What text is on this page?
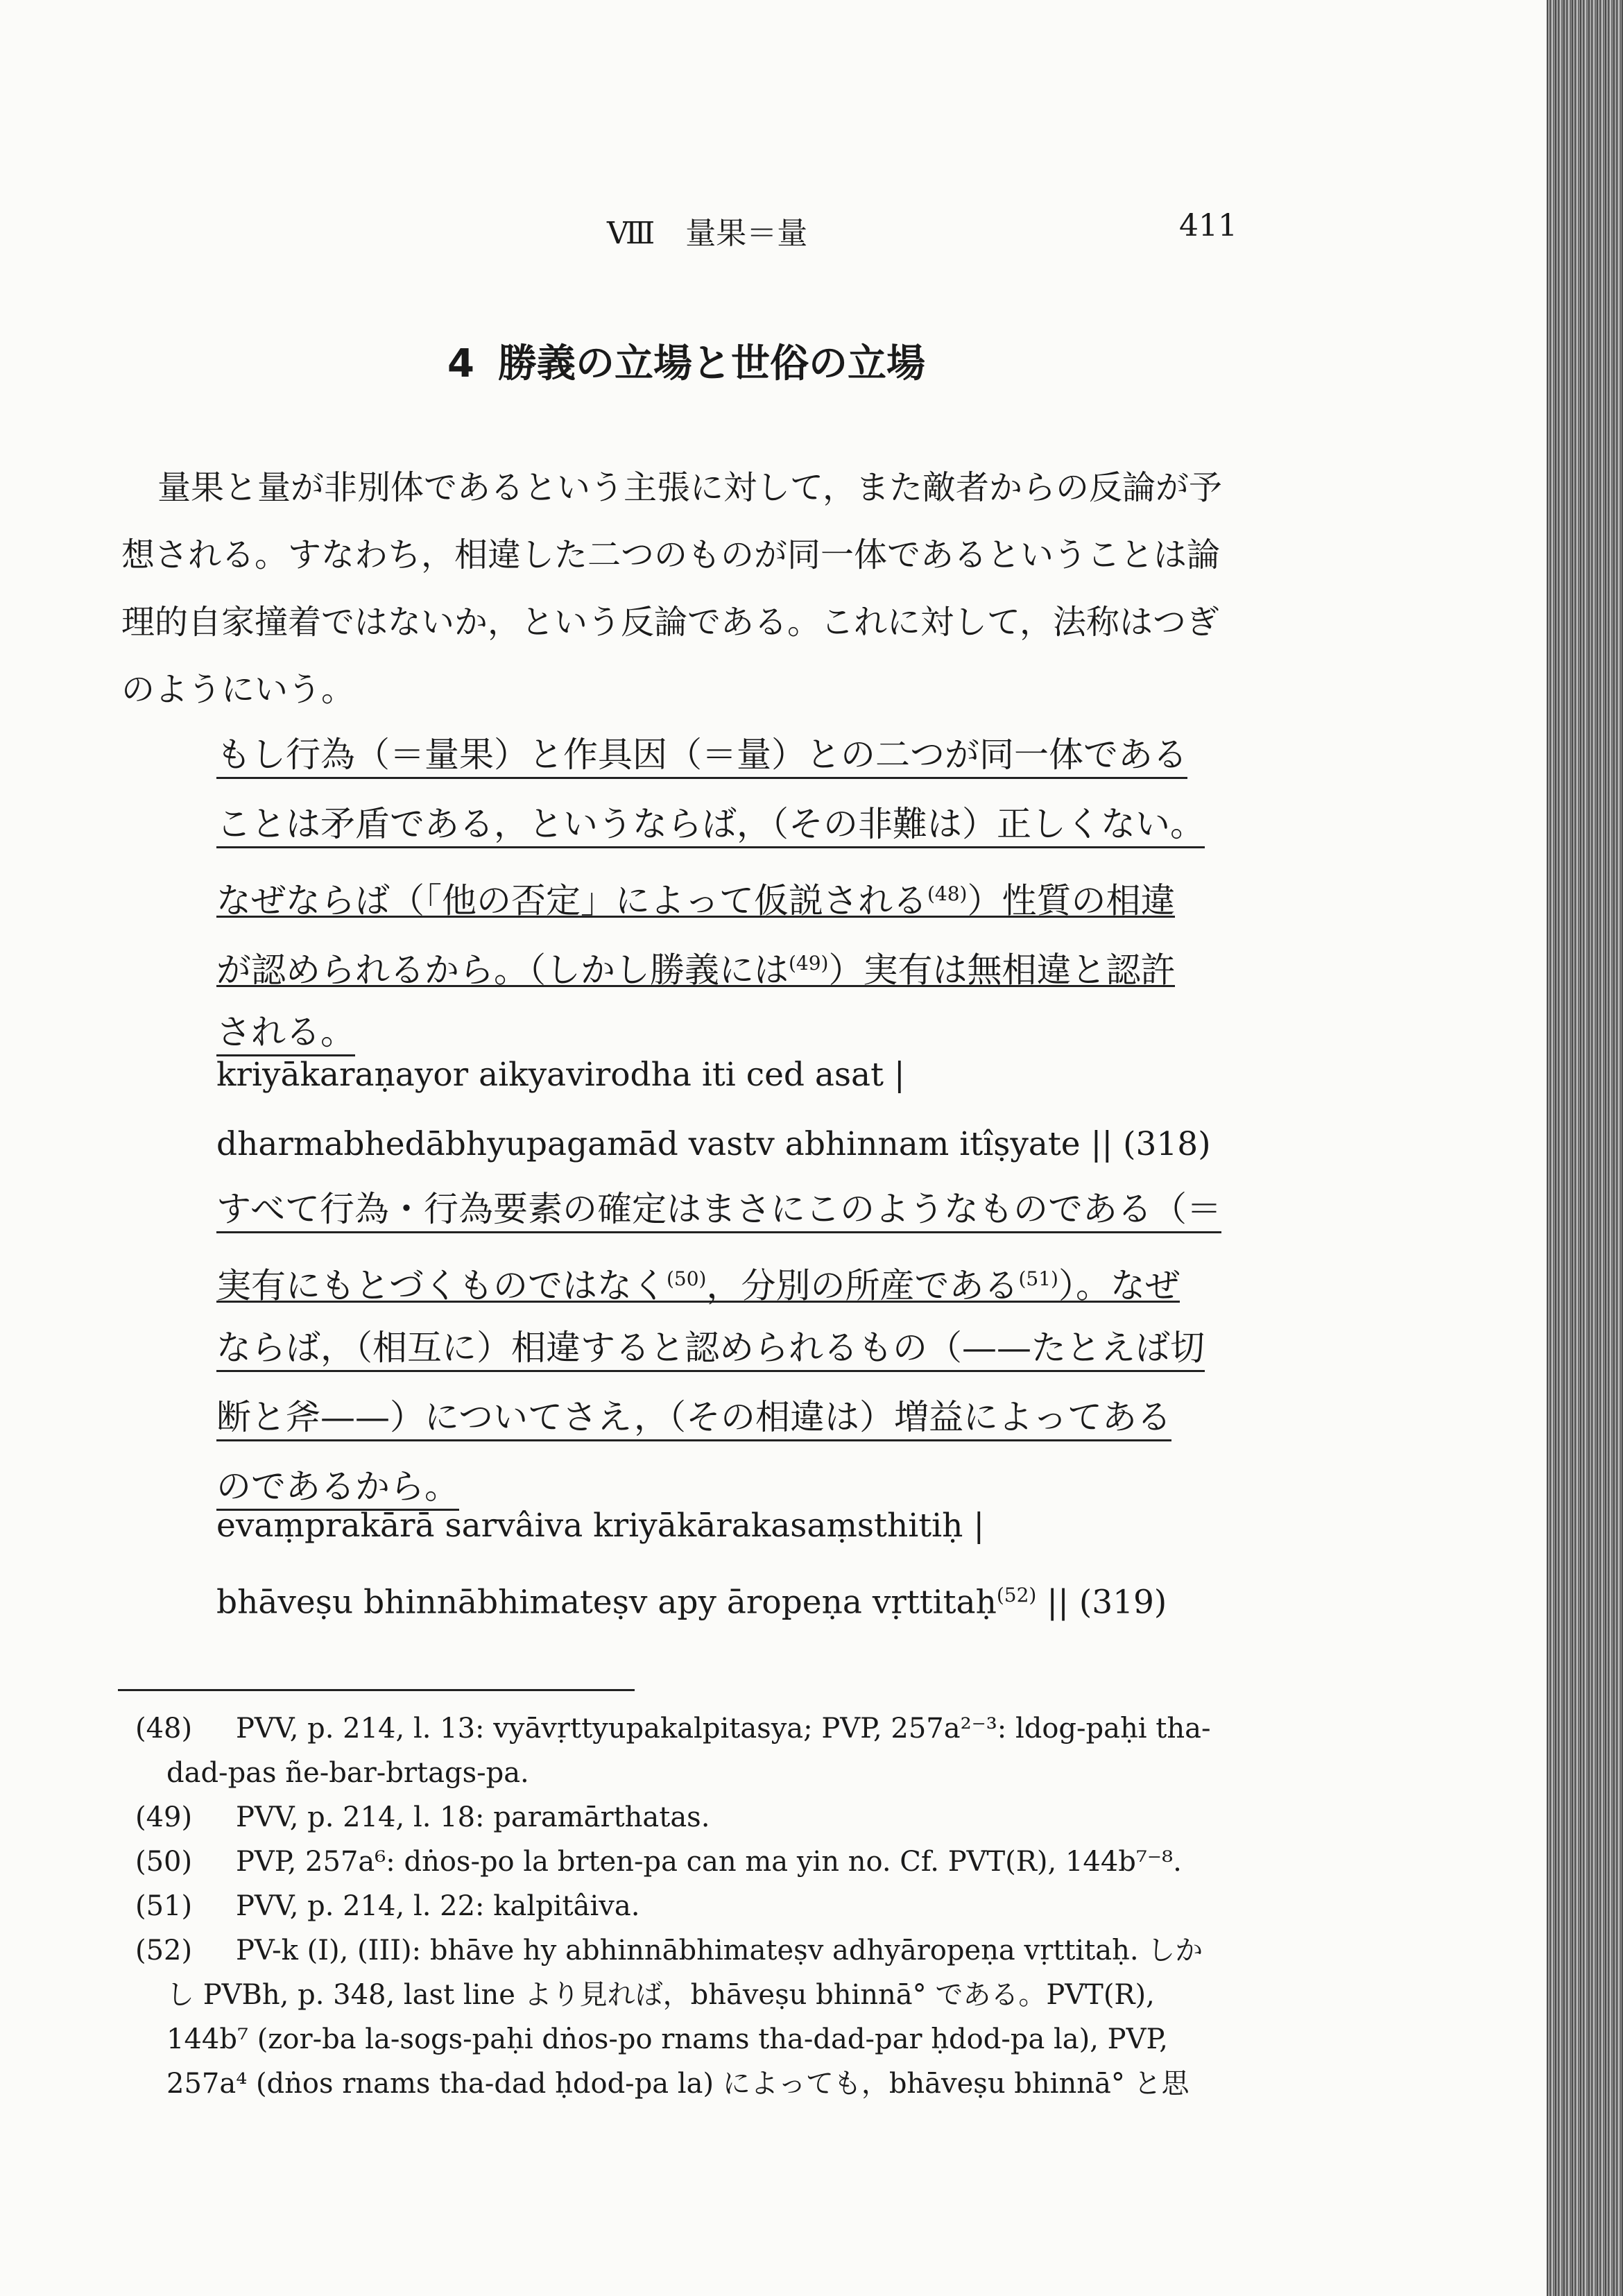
Ⅷ　量果＝量	411
4 勝義の立場と世俗の立場
量果と量が非別体であるという主張に対して，また敵者からの反論が予
想される。すなわち，相違した二つのものが同一体であるということは論
理的自家撞着ではないか，という反論である。これに対して，法称はつぎ
のようにいう。
もし行為（＝量果）と作具因（＝量）との二つが同一体である
ことは矛盾である，というならば，（その非難は）正しくない。
なぜならば（「他の否定」によって仮説される$^{(48)}$）性質の相違
が認められるから。（しかし勝義には$^{(49)}$）実有は無相違と認許
される。
kriyākaraṇayor aikyavirodha iti ced asat |
dharmabhedābhyupagamād vastv abhinnam itîṣyate || (318)
すべて行為・行為要素の確定はまさにこのようなものである（＝
実有にもとづくものではなく$^{(50)}$，分別の所産である$^{(51)}$）。なぜ
ならば，（相互に）相違すると認められるもの（——たとえば切
断と斧——）についてさえ，（その相違は）増益によってある
のであるから。
evaṃprakārā sarvâiva kriyākārakasaṃsthitiḥ |
bhāveṣu bhinnābhimateṣv apy āropeṇa vṛttitaḥ$^{(52)}$ || (319)
(48) PVV, p. 214, l. 13: vyāvṛttyupakalpitasya; PVP, 257a²⁻³: ldog-paḥi tha-
dad-pas ñe-bar-brtags-pa.
(49) PVV, p. 214, l. 18: paramārthatas.
(50) PVP, 257a⁶: dṅos-po la brten-pa can ma yin no. Cf. PVT(R), 144b⁷⁻⁸.
(51) PVV, p. 214, l. 22: kalpitâiva.
(52) PV-k (I), (III): bhāve hy abhinnābhimateṣv adhyāropeṇa vṛttitaḥ. しか
し PVBh, p. 348, last line より見れば，bhāveṣu bhinnā° である。PVT(R),
144b⁷ (zor-ba la-sogs-paḥi dṅos-po rnams tha-dad-par ḥdod-pa la), PVP,
257a⁴ (dṅos rnams tha-dad ḥdod-pa la) によっても，bhāveṣu bhinnā° と思
